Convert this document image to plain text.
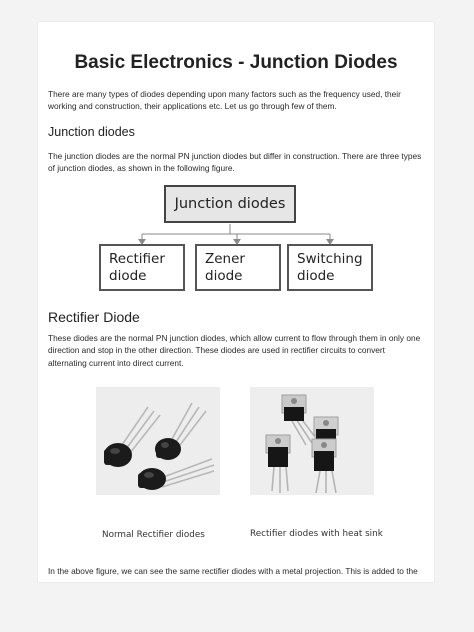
Basic Electronics - Junction Diodes
There are many types of diodes depending upon many factors such as the frequency used, their working and construction, their applications etc. Let us go through few of them.
Junction diodes
The junction diodes are the normal PN junction diodes but differ in construction. There are three types of junction diodes, as shown in the following figure.
Junction diodes
Rectifier
diode
Zener
diode
Switching
diode
Rectifier Diode
These diodes are the normal PN junction diodes, which allow current to flow through them in only one direction and stop in the other direction. These diodes are used in rectifier circuits to convert alternating current into direct current.
Normal Rectifier diodes	Rectifier diodes with heat sink
In the above figure, we can see the same rectifier diodes with a metal projection. This is added to the
